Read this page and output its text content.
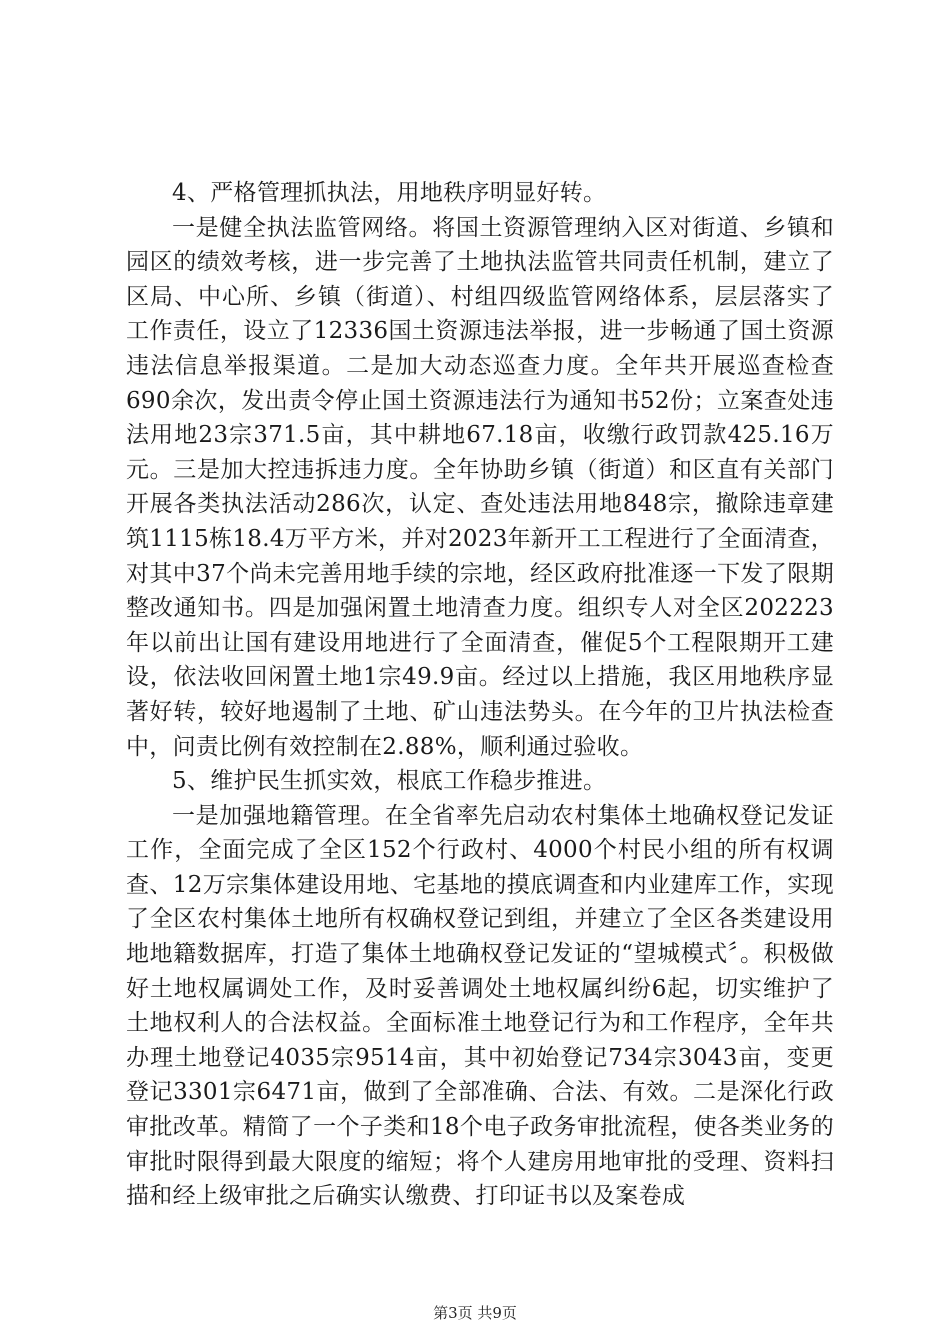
4、严格管理抓执法，用地秩序明显好转。

一是健全执法监管网络。将国土资源管理纳入区对街道、乡镇和园区的绩效考核，进一步完善了土地执法监管共同责任机制，建立了区局、中心所、乡镇（街道）、村组四级监管网络体系，层层落实了工作责任，设立了12336国土资源违法举报，进一步畅通了国土资源违法信息举报渠道。二是加大动态巡查力度。全年共开展巡查检查690余次，发出责令停止国土资源违法行为通知书52份；立案查处违法用地23宗371.5亩，其中耕地67.18亩，收缴行政罚款425.16万元。三是加大控违拆违力度。全年协助乡镇（街道）和区直有关部门开展各类执法活动286次，认定、查处违法用地848宗，撤除违章建筑1115栋18.4万平方米，并对2023年新开工工程进行了全面清查，对其中37个尚未完善用地手续的宗地，经区政府批准逐一下发了限期整改通知书。四是加强闲置土地清查力度。组织专人对全区202223年以前出让国有建设用地进行了全面清查，催促5个工程限期开工建设，依法收回闲置土地1宗49.9亩。经过以上措施，我区用地秩序显著好转，较好地遏制了土地、矿山违法势头。在今年的卫片执法检查中，问责比例有效控制在2.88%，顺利通过验收。

5、维护民生抓实效，根底工作稳步推进。

一是加强地籍管理。在全省率先启动农村集体土地确权登记发证工作，全面完成了全区152个行政村、4000个村民小组的所有权调查、12万宗集体建设用地、宅基地的摸底调查和内业建库工作，实现了全区农村集体土地所有权确权登记到组，并建立了全区各类建设用地地籍数据库，打造了集体土地确权登记发证的“望城模式〞。积极做好土地权属调处工作，及时妥善调处土地权属纠纷6起，切实维护了土地权利人的合法权益。全面标准土地登记行为和工作程序，全年共办理土地登记4035宗9514亩，其中初始登记734宗3043亩，变更登记3301宗6471亩，做到了全部准确、合法、有效。二是深化行政审批改革。精简了一个子类和18个电子政务审批流程，使各类业务的审批时限得到最大限度的缩短；将个人建房用地审批的受理、资料扫描和经上级审批之后确实认缴费、打印证书以及案卷成

第3页 共9页
